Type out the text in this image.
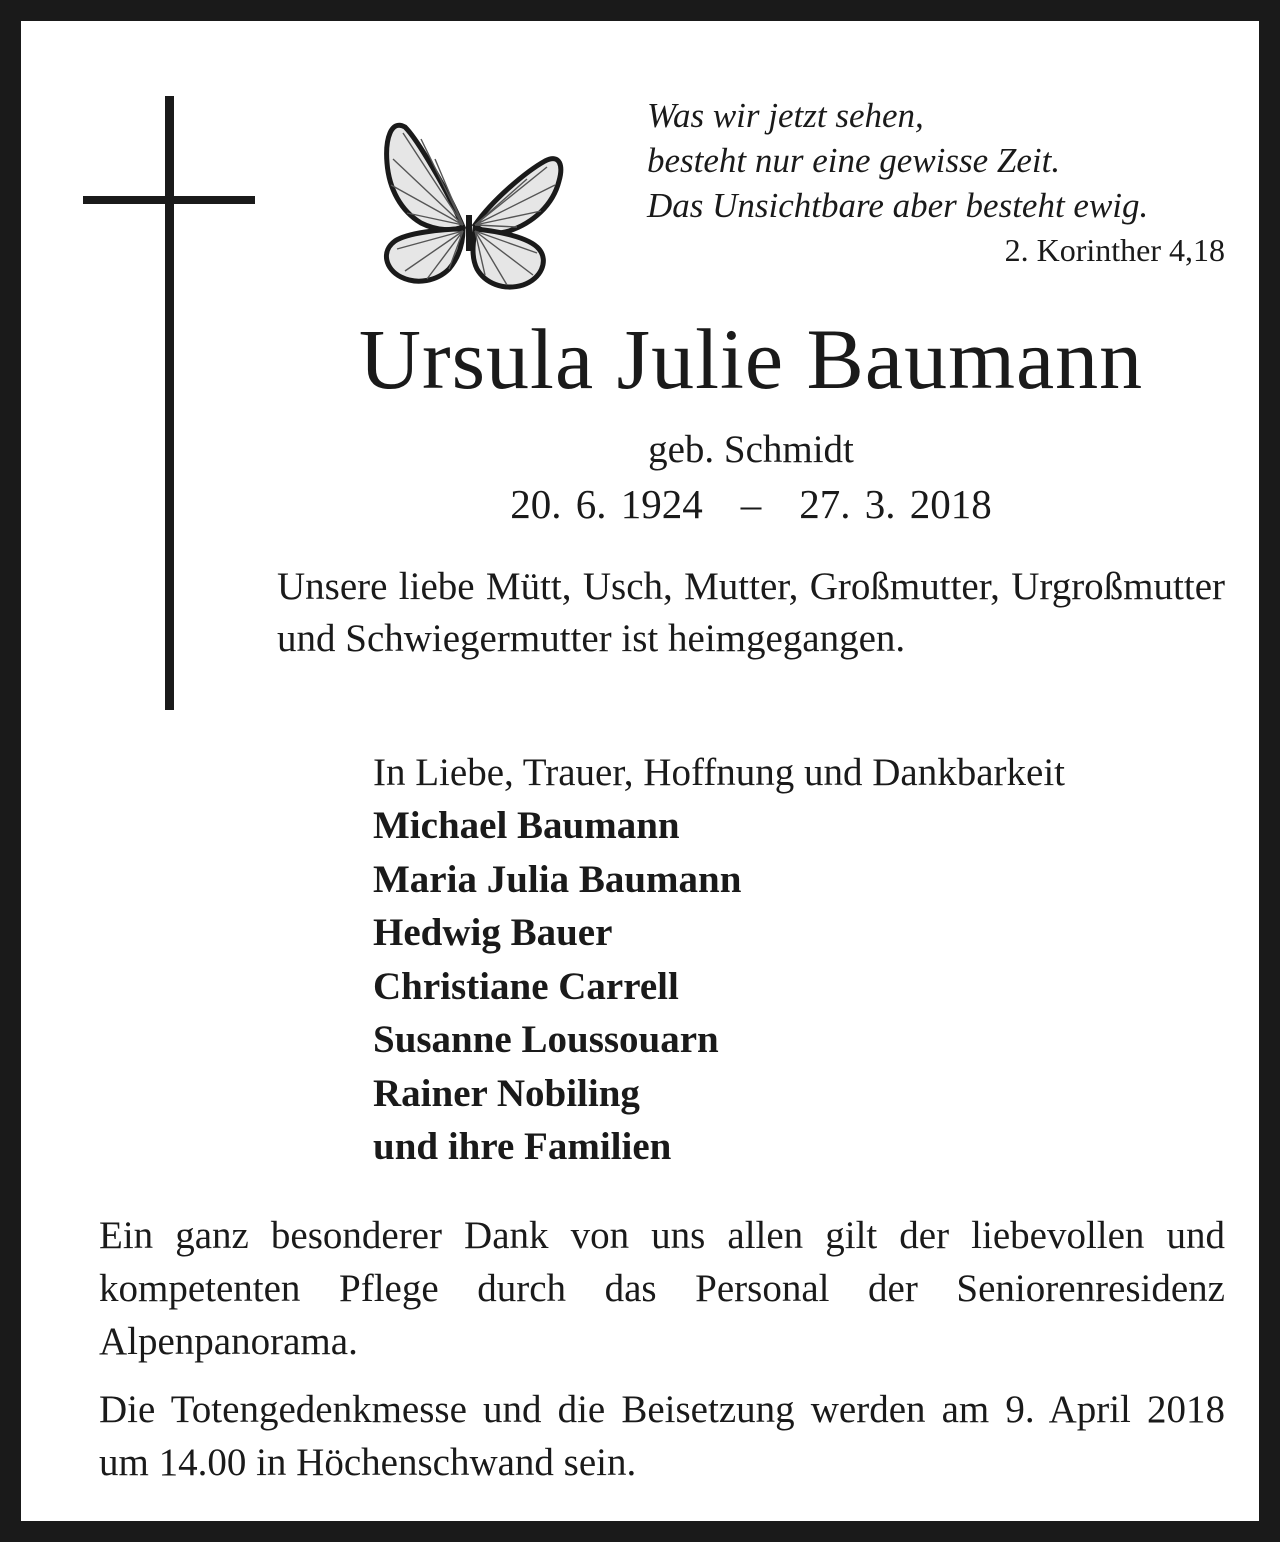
Was wir jetzt sehen,
besteht nur eine gewisse Zeit.
Das Unsichtbare aber besteht ewig.
2. Korinther 4,18
Ursula Julie Baumann
geb. Schmidt
20. 6. 1924 – 27. 3. 2018
Unsere liebe Mütt, Usch, Mutter, Großmutter, Urgroßmutter und Schwiegermutter ist heimgegangen.
In Liebe, Trauer, Hoffnung und Dankbarkeit
Michael Baumann
Maria Julia Baumann
Hedwig Bauer
Christiane Carrell
Susanne Loussouarn
Rainer Nobiling
und ihre Familien
Ein ganz besonderer Dank von uns allen gilt der liebevollen und kompetenten Pflege durch das Personal der Seniorenresidenz Alpenpanorama.
Die Totengedenkmesse und die Beisetzung werden am 9. April 2018 um 14.00 in Höchenschwand sein.
